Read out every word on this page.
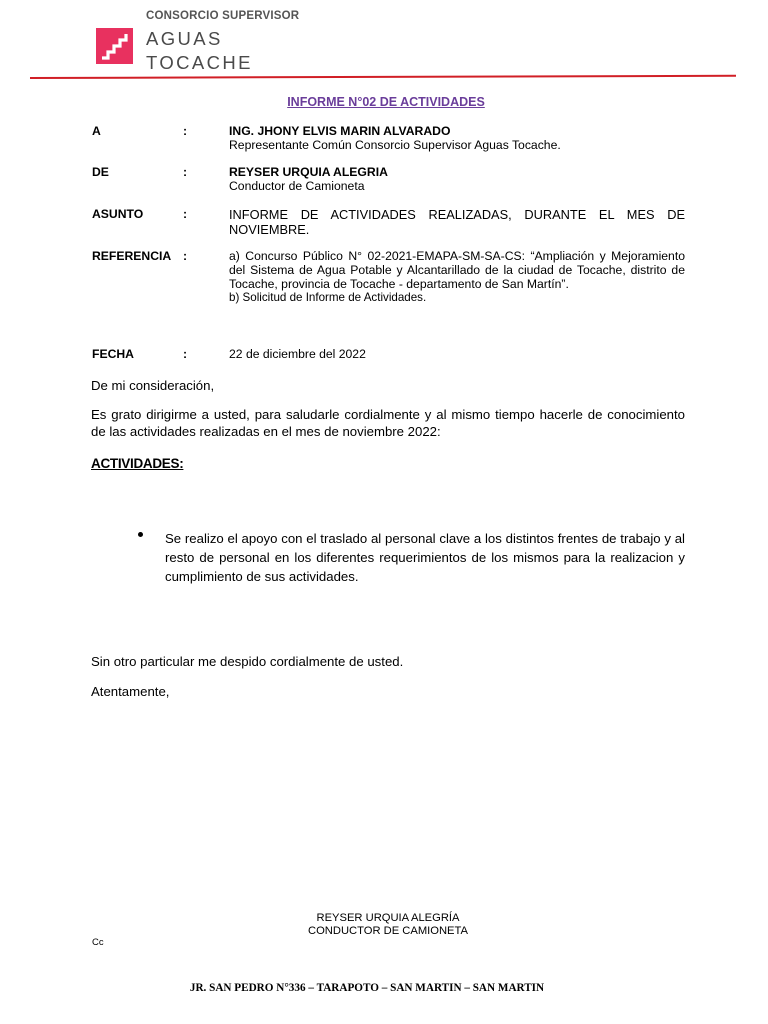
CONSORCIO SUPERVISOR
AGUAS
TOCACHE
INFORME N°02 DE ACTIVIDADES
A	:	ING. JHONY ELVIS MARIN ALVARADO
Representante Común Consorcio Supervisor Aguas Tocache.
DE	:	REYSER URQUIA ALEGRIA
Conductor de Camioneta
ASUNTO	:	INFORME DE ACTIVIDADES REALIZADAS, DURANTE EL MES DE NOVIEMBRE.
REFERENCIA :	a) Concurso Público N° 02-2021-EMAPA-SM-SA-CS: “Ampliación y Mejoramiento del Sistema de Agua Potable y Alcantarillado de la ciudad de Tocache, distrito de Tocache, provincia de Tocache - departamento de San Martín”.
b) Solicitud de Informe de Actividades.
FECHA	:	22 de diciembre del 2022
De mi consideración,
Es grato dirigirme a usted, para saludarle cordialmente y al mismo tiempo hacerle de conocimiento de las actividades realizadas en el mes de noviembre 2022:
ACTIVIDADES:
Se realizo el apoyo con el traslado al personal clave a los distintos frentes de trabajo y al resto de personal en los diferentes requerimientos de los mismos para la realizacion y cumplimiento de sus actividades.
Sin otro particular me despido cordialmente de usted.
Atentamente,
REYSER URQUIA ALEGRÍA
CONDUCTOR DE CAMIONETA
Cc
JR. SAN PEDRO N°336 – TARAPOTO – SAN MARTIN – SAN MARTIN
